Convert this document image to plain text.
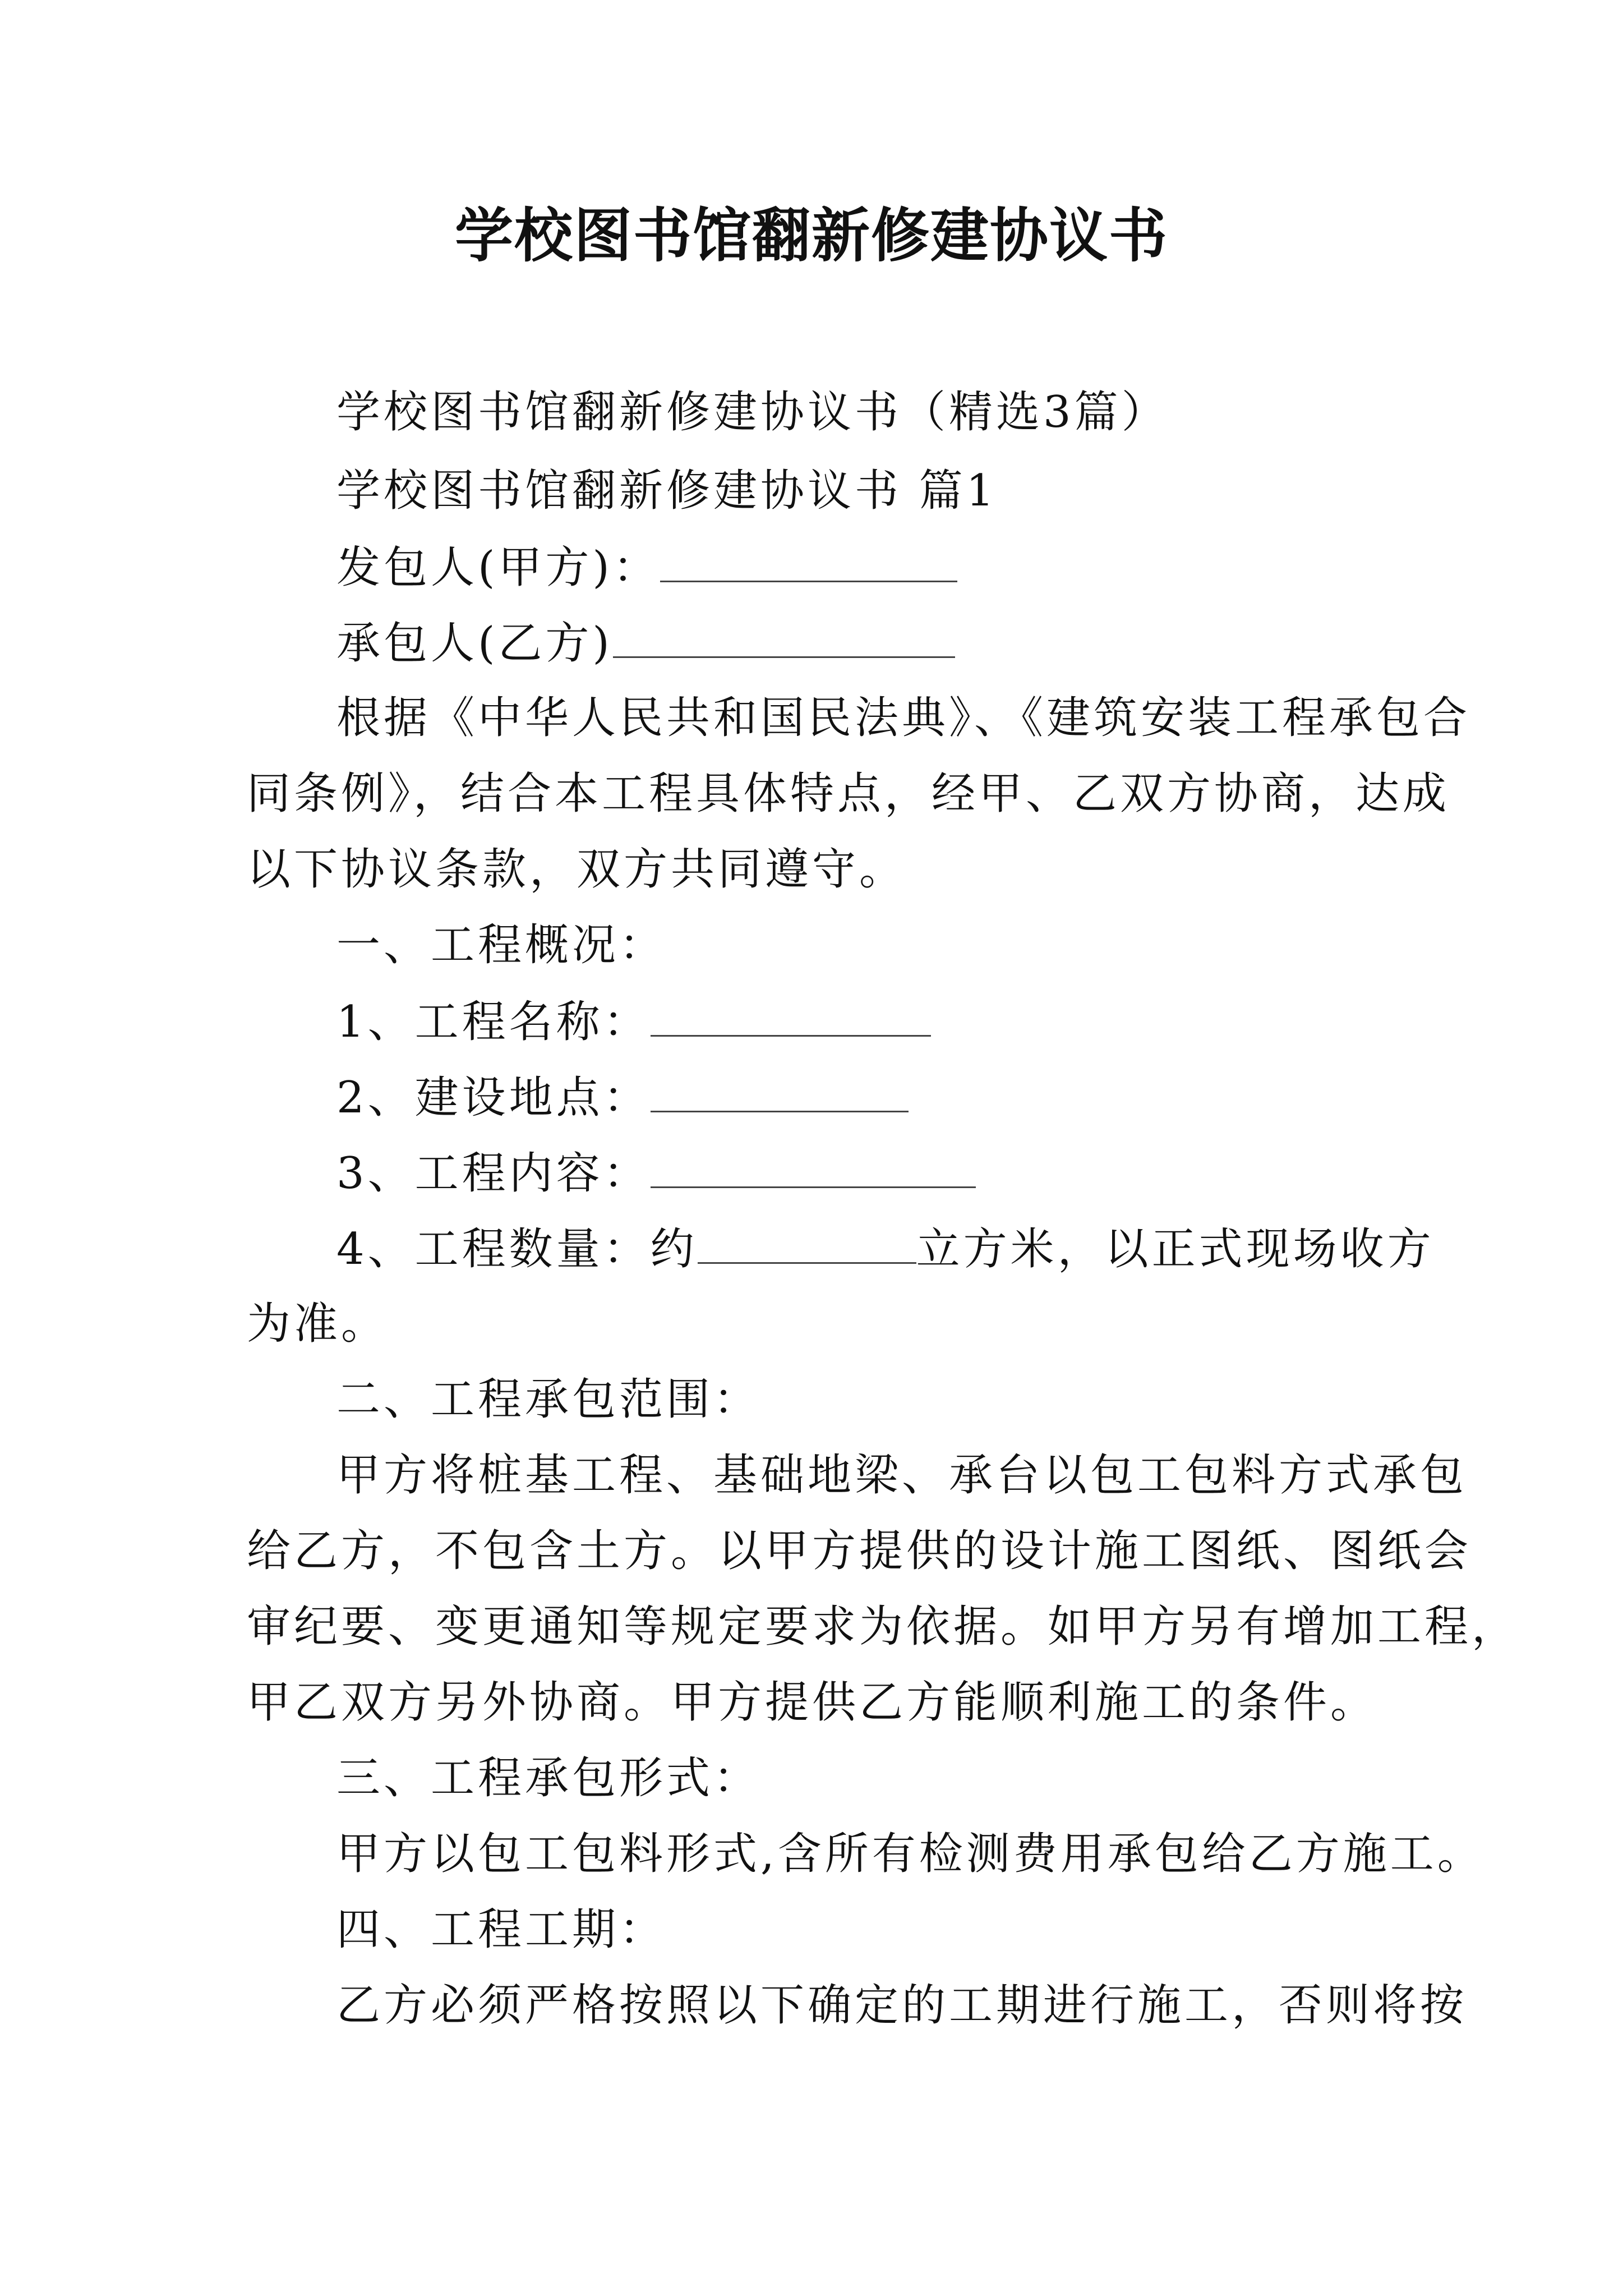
学校图书馆翻新修建协议书
学校图书馆翻新修建协议书（精选3篇）
学校图书馆翻新修建协议书 篇1
发包人(甲方)：
承包人(乙方)
根据《中华人民共和国民法典》、《建筑安装工程承包合
同条例》，结合本工程具体特点，经甲、乙双方协商，达成
以下协议条款，双方共同遵守。
一、工程概况：
1、工程名称：
2、建设地点：
3、工程内容：
4、工程数量：约	立方米，以正式现场收方
为准。
二、工程承包范围：
甲方将桩基工程、基础地梁、承台以包工包料方式承包
给乙方，不包含土方。以甲方提供的设计施工图纸、图纸会
审纪要、变更通知等规定要求为依据。如甲方另有增加工程，
甲乙双方另外协商。甲方提供乙方能顺利施工的条件。
三、工程承包形式：
甲方以包工包料形式,含所有检测费用承包给乙方施工。
四、工程工期：
乙方必须严格按照以下确定的工期进行施工，否则将按
